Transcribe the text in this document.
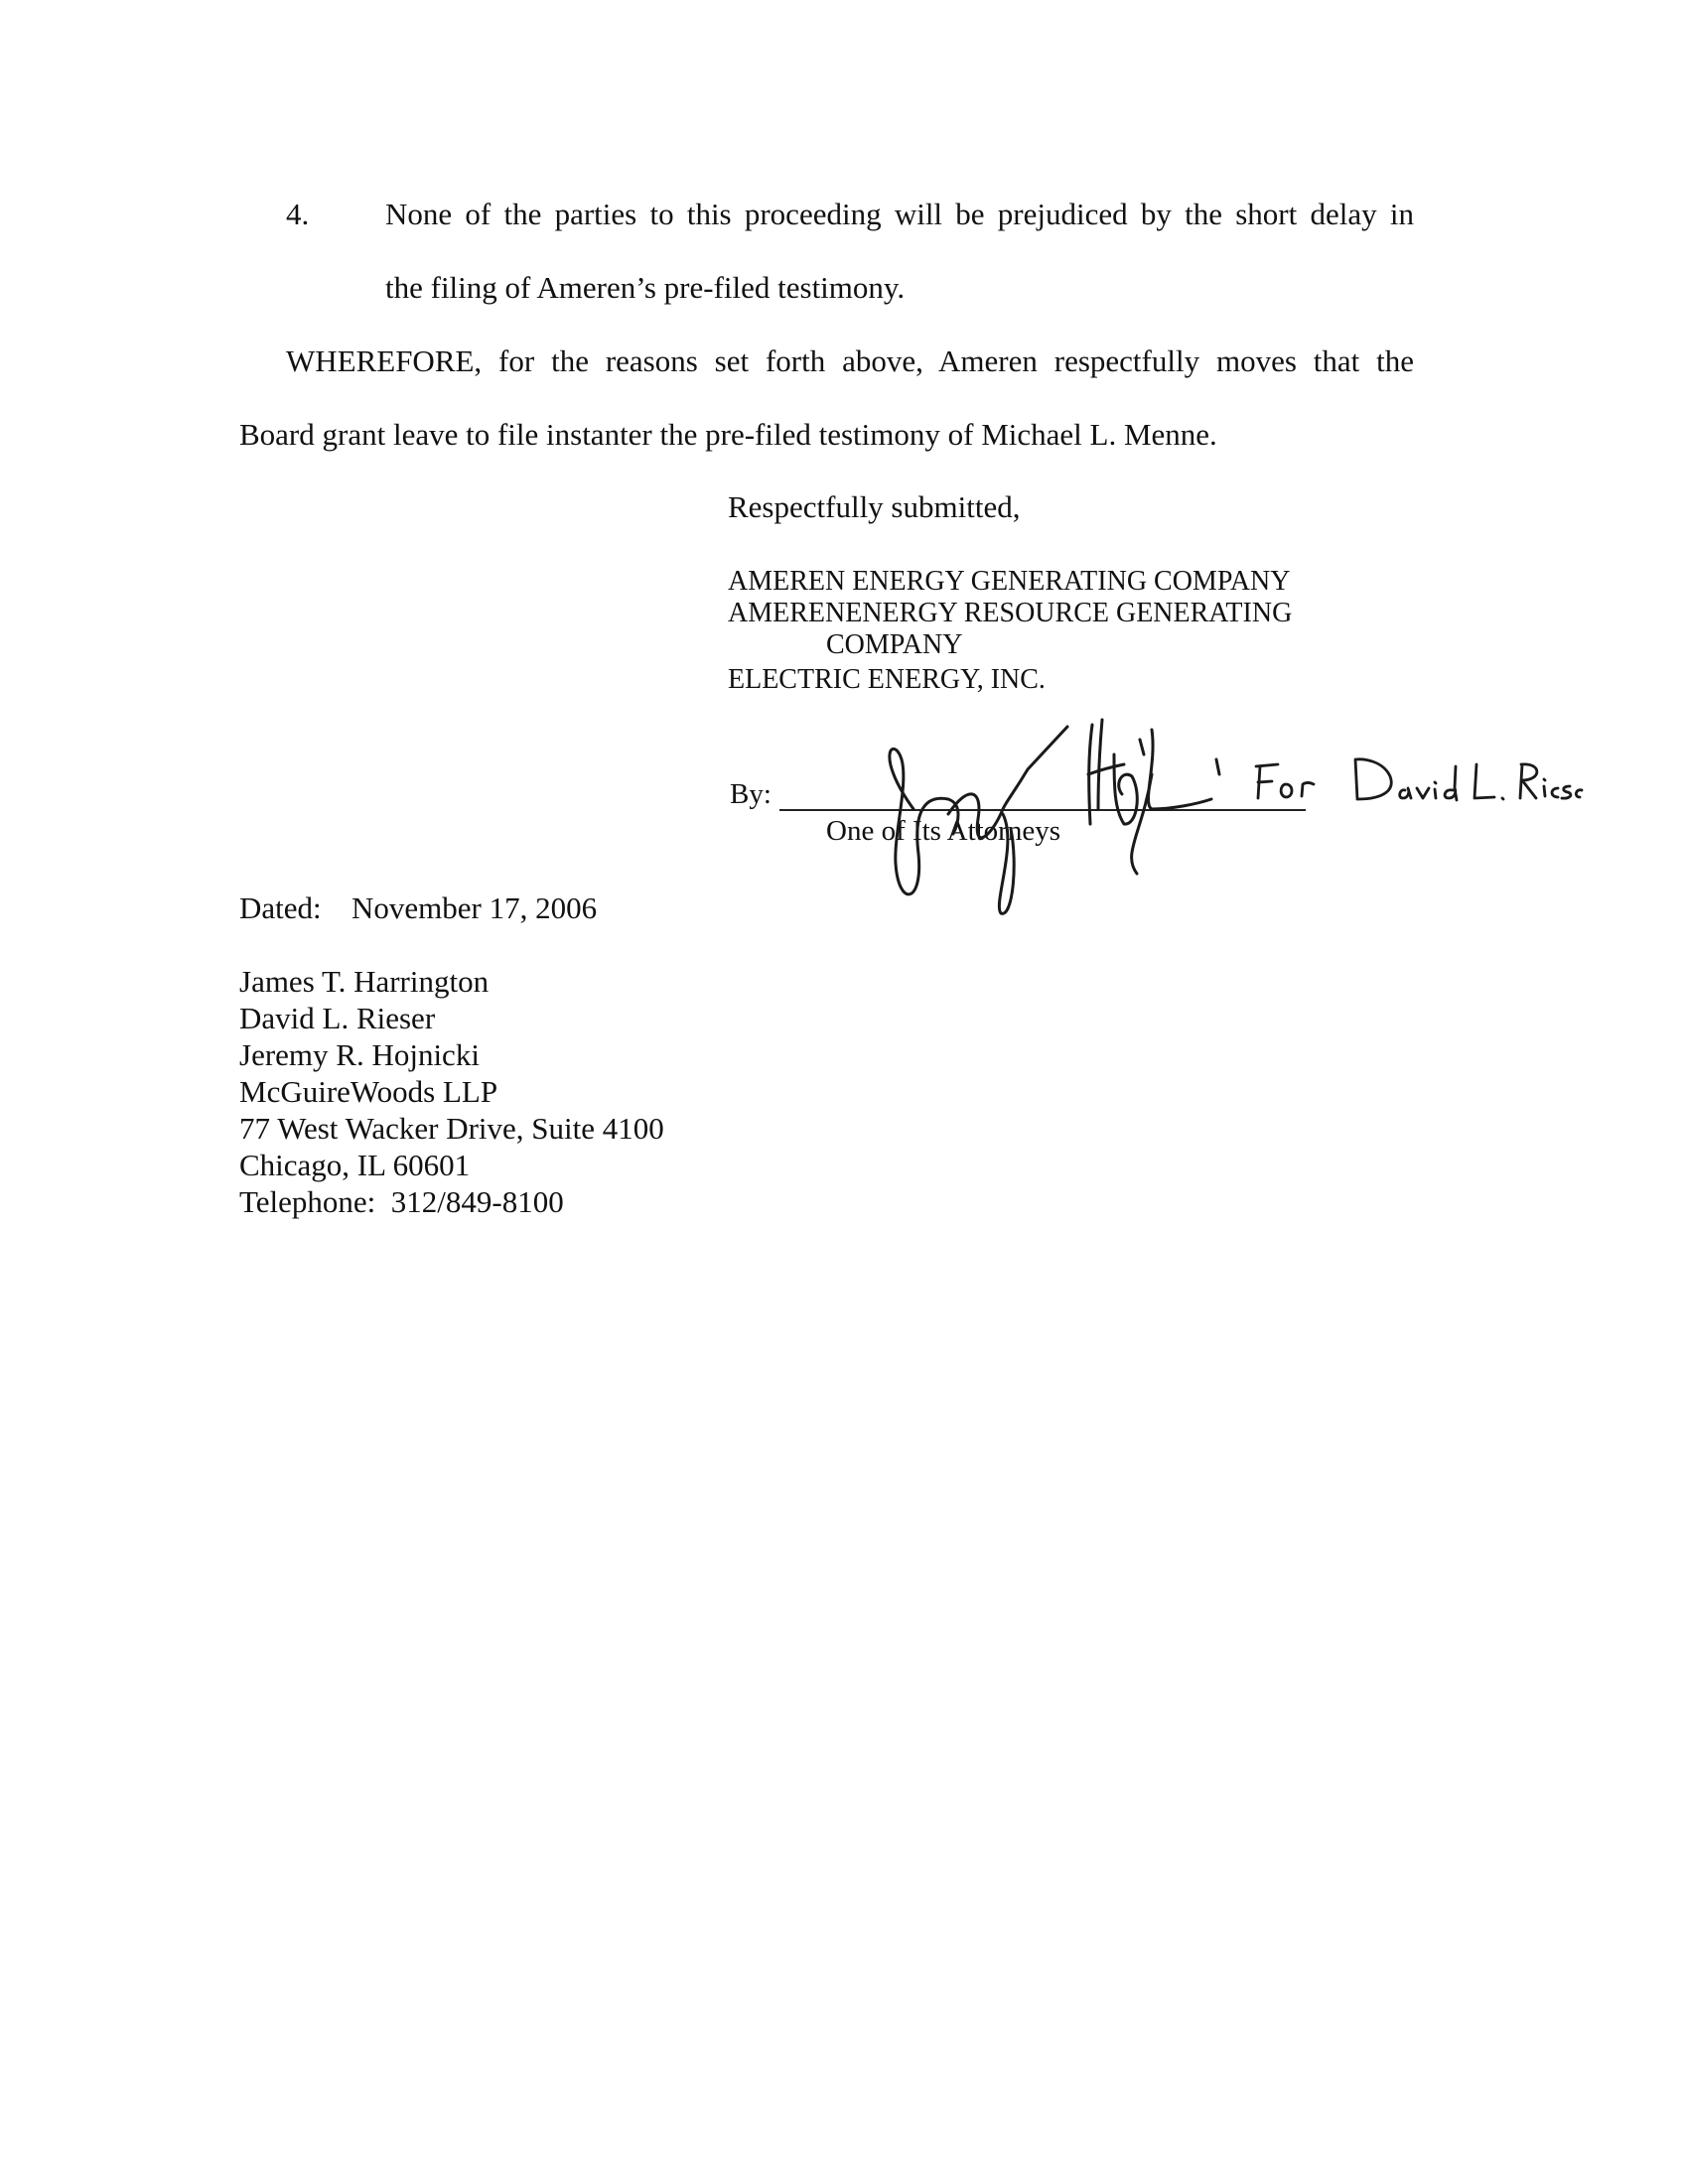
4. None of the parties to this proceeding will be prejudiced by the short delay in
the filing of Ameren’s pre-filed testimony.
WHEREFORE, for the reasons set forth above, Ameren respectfully moves that the
Board grant leave to file instanter the pre-filed testimony of Michael L. Menne.
Respectfully submitted,
AMEREN ENERGY GENERATING COMPANY
AMERENENERGY RESOURCE GENERATING
COMPANY
ELECTRIC ENERGY, INC.
By:
One of Its Attorneys
Dated: November 17, 2006
James T. Harrington
David L. Rieser
Jeremy R. Hojnicki
McGuireWoods LLP
77 West Wacker Drive, Suite 4100
Chicago, IL 60601
Telephone:  312/849-8100
